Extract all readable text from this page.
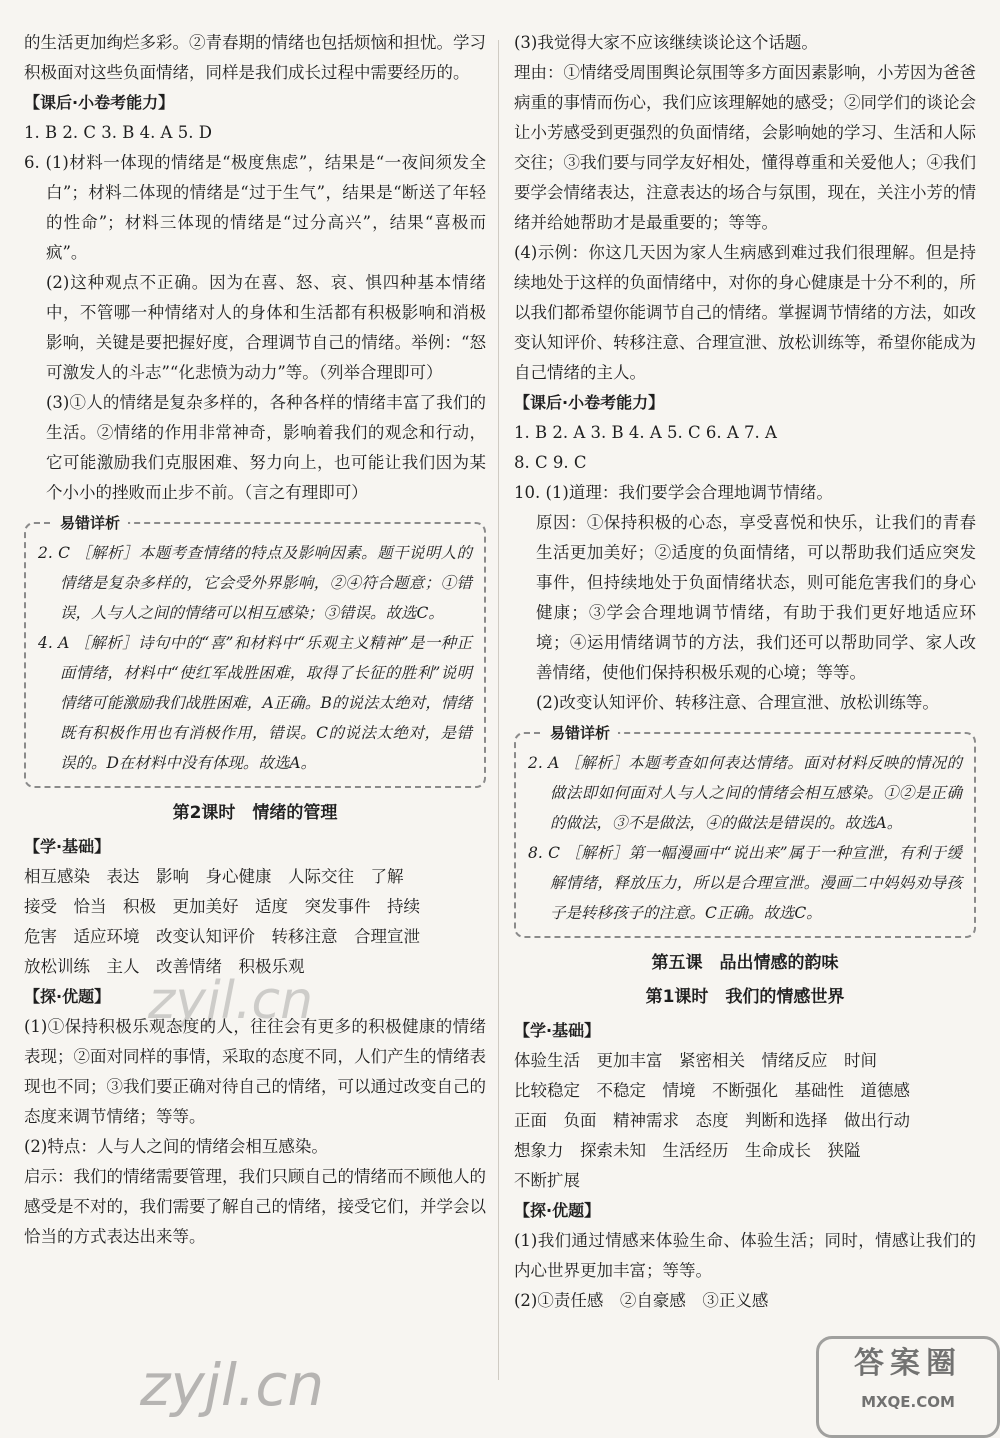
的生活更加绚烂多彩。②青春期的情绪也包括烦恼和担忧。学习积极面对这些负面情绪，同样是我们成长过程中需要经历的。

【课后·小卷考能力】

1. B 2. C 3. B 4. A 5. D

6. (1)材料一体现的情绪是“极度焦虑”，结果是“一夜间须发全白”；材料二体现的情绪是“过于生气”，结果是“断送了年轻的性命”；材料三体现的情绪是“过分高兴”，结果“喜极而疯”。

(2)这种观点不正确。因为在喜、怒、哀、惧四种基本情绪中，不管哪一种情绪对人的身体和生活都有积极影响和消极影响，关键是要把握好度，合理调节自己的情绪。举例：“怒可激发人的斗志”“化悲愤为动力”等。（列举合理即可）

(3)①人的情绪是复杂多样的，各种各样的情绪丰富了我们的生活。②情绪的作用非常神奇，影响着我们的观念和行动，它可能激励我们克服困难、努力向上，也可能让我们因为某个小小的挫败而止步不前。（言之有理即可）

易错详析

2. C ［解析］本题考查情绪的特点及影响因素。题干说明人的情绪是复杂多样的，它会受外界影响，②④符合题意；①错误，人与人之间的情绪可以相互感染；③错误。故选C。

4. A ［解析］诗句中的“喜”和材料中“乐观主义精神”是一种正面情绪，材料中“使红军战胜困难，取得了长征的胜利”说明情绪可能激励我们战胜困难，A正确。B的说法太绝对，情绪既有积极作用也有消极作用，错误。C的说法太绝对，是错误的。D在材料中没有体现。故选A。

第2课时　情绪的管理

【学·基础】

相互感染　表达　影响　身心健康　人际交往　了解

接受　恰当　积极　更加美好　适度　突发事件　持续

危害　适应环境　改变认知评价　转移注意　合理宣泄

放松训练　主人　改善情绪　积极乐观

【探·优题】

(1)①保持积极乐观态度的人，往往会有更多的积极健康的情绪表现；②面对同样的事情，采取的态度不同，人们产生的情绪表现也不同；③我们要正确对待自己的情绪，可以通过改变自己的态度来调节情绪；等等。

(2)特点：人与人之间的情绪会相互感染。

启示：我们的情绪需要管理，我们只顾自己的情绪而不顾他人的感受是不对的，我们需要了解自己的情绪，接受它们，并学会以恰当的方式表达出来等。

(3)我觉得大家不应该继续谈论这个话题。

理由：①情绪受周围舆论氛围等多方面因素影响，小芳因为爸爸病重的事情而伤心，我们应该理解她的感受；②同学们的谈论会让小芳感受到更强烈的负面情绪，会影响她的学习、生活和人际交往；③我们要与同学友好相处，懂得尊重和关爱他人；④我们要学会情绪表达，注意表达的场合与氛围，现在，关注小芳的情绪并给她帮助才是最重要的；等等。

(4)示例：你这几天因为家人生病感到难过我们很理解。但是持续地处于这样的负面情绪中，对你的身心健康是十分不利的，所以我们都希望你能调节自己的情绪。掌握调节情绪的方法，如改变认知评价、转移注意、合理宣泄、放松训练等，希望你能成为自己情绪的主人。

【课后·小卷考能力】

1. B 2. A 3. B 4. A 5. C 6. A 7. A

8. C 9. C

10. (1)道理：我们要学会合理地调节情绪。

原因：①保持积极的心态，享受喜悦和快乐，让我们的青春生活更加美好；②适度的负面情绪，可以帮助我们适应突发事件，但持续地处于负面情绪状态，则可能危害我们的身心健康；③学会合理地调节情绪，有助于我们更好地适应环境；④运用情绪调节的方法，我们还可以帮助同学、家人改善情绪，使他们保持积极乐观的心境；等等。

(2)改变认知评价、转移注意、合理宣泄、放松训练等。

易错详析

2. A ［解析］本题考查如何表达情绪。面对材料反映的情况的做法即如何面对人与人之间的情绪会相互感染。①②是正确的做法，③不是做法，④的做法是错误的。故选A。

8. C ［解析］第一幅漫画中“说出来”属于一种宣泄，有利于缓解情绪，释放压力，所以是合理宣泄。漫画二中妈妈劝导孩子是转移孩子的注意。C正确。故选C。

第五课　品出情感的韵味

第1课时　我们的情感世界

【学·基础】

体验生活　更加丰富　紧密相关　情绪反应　时间

比较稳定　不稳定　情境　不断强化　基础性　道德感

正面　负面　精神需求　态度　判断和选择　做出行动

想象力　探索未知　生活经历　生命成长　狭隘

不断扩展

【探·优题】

(1)我们通过情感来体验生命、体验生活；同时，情感让我们的内心世界更加丰富；等等。

(2)①责任感　②自豪感　③正义感

zyjl.cn
zyjl.cn	答案圈
MXQE.COM
